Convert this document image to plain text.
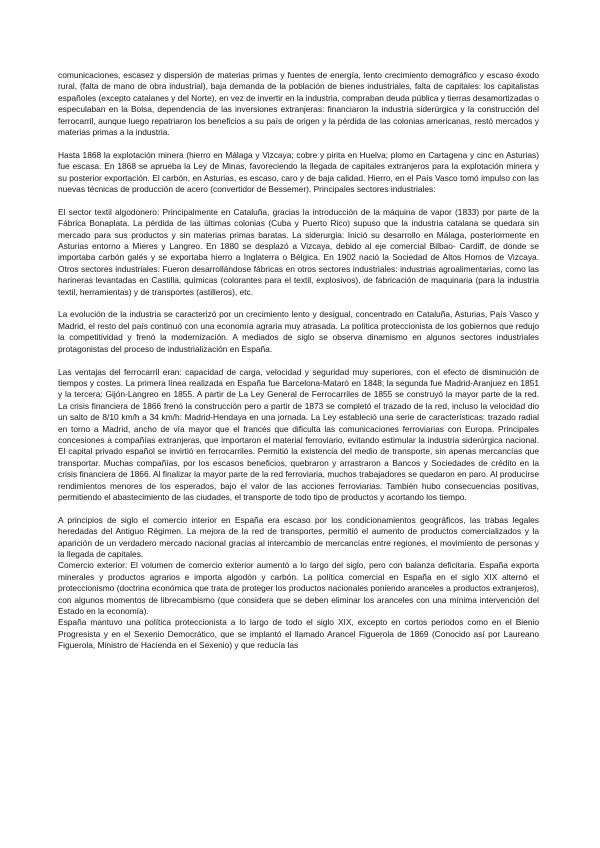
comunicaciones, escasez y dispersión de materias primas y fuentes de energía, lento crecimiento demográfico y escaso éxodo rural, (falta de mano de obra industrial), baja demanda de la población de bienes industriales, falta de capitales: los capitalistas españoles (excepto catalanes y del Norte), en vez de invertir en la industria, compraban deuda pública y tierras desamortizadas o especulaban en la Bolsa, dependencia de las inversiones extranjeras: financiaron la industria siderúrgica y la construcción del ferrocarril, aunque luego repatriaron los beneficios a su país de origen y la pérdida de las colonias americanas, restó mercados y materias primas a la industria.

Hasta 1868 la explotación minera (hierro en Málaga y Vizcaya; cobre y pirita en Huelva; plomo en Cartagena y cinc en Asturias) fue escasa. En 1868 se aprueba la Ley de Minas, favoreciendo la llegada de capitales extranjeros para la explotación minera y su posterior exportación. El carbón, en Asturias, es escaso, caro y de baja calidad. Hierro, en el País Vasco tomó impulso con las nuevas técnicas de producción de acero (convertidor de Bessemer). Principales sectores industriales:

El sector textil algodonero: Principalmente en Cataluña, gracias la introducción de la máquina de vapor (1833) por parte de la Fábrica Bonaplata. La pérdida de las últimas colonias (Cuba y Puerto Rico) supuso que la industria catalana se quedara sin mercado para sus productos y sin materias primas baratas. La siderurgia: Inició su desarrollo en Málaga, posteriormente en Asturias entorno a Mieres y Langreo. En 1880 se desplazó a Vizcaya, debido al eje comercial Bilbao- Cardiff, de donde se importaba carbón galés y se exportaba hierro a Inglaterra o Bélgica. En 1902 nació la Sociedad de Altos Hornos de Vizcaya. Otros sectores industriales: Fueron desarrollándose fábricas en otros sectores industriales: industrias agroalimentarias, como las harineras levantadas en Castilla, químicas (colorantes para el textil, explosivos), de fabricación de maquinaria (para la industria textil, herramientas) y de transportes (astilleros), etc.

La evolución de la industria se caracterizó por un crecimiento lento y desigual, concentrado en Cataluña, Asturias, País Vasco y Madrid, el resto del país continuó con una economía agraria muy atrasada. La política proteccionista de los gobiernos que redujo la competitividad y frenó la modernización. A mediados de siglo se observa dinamismo en algunos sectores industriales protagonistas del proceso de industrialización en España.

Las ventajas del ferrocarril eran: capacidad de carga, velocidad y seguridad muy superiores, con el efecto de disminución de tiempos y costes. La primera línea realizada en España fue Barcelona-Mataró en 1848; la segunda fue Madrid-Aranjuez en 1851 y la tercera: Gijón-Langreo en 1855. A partir de La Ley General de Ferrocarriles de 1855 se construyó la mayor parte de la red. La crisis financiera de 1866 frenó la construcción pero a partir de 1873 se completó el trazado de la red, incluso la velocidad dio un salto de 8/10 km/h a 34 km/h: Madrid-Hendaya en una jornada. La Ley estableció una serie de características: trazado radial en torno a Madrid, ancho de vía mayor que el francés que dificulta las comunicaciones ferroviarias con Europa. Principales concesiones a compañías extranjeras, que importaron el material ferroviario, evitando estimular la industria siderúrgica nacional. El capital privado español se invirtió en ferrocarriles. Permitió la existencia del medio de transporte, sin apenas mercancías que transportar. Muchas compañías, por los escasos beneficios, quebraron y arrastraron a Bancos y Sociedades de crédito en la crisis financiera de 1866. Al finalizar la mayor parte de la red ferroviaria, muchos trabajadores se quedaron en paro. Al producirse rendimientos menores de los esperados, bajo el valor de las acciones ferroviarias. También hubo consecuencias positivas, permitiendo el abastecimiento de las ciudades, el transporte de todo tipo de productos y acortando los tiempo.

A principios de siglo el comercio interior en España era escaso por los condicionamientos geográficos, las trabas legales heredadas del Antiguo Régimen. La mejora de la red de transportes, permitió el aumento de productos comercializados y la aparición de un verdadero mercado nacional gracias al intercambio de mercancías entre regiones, el movimiento de personas y la llegada de capitales.

Comercio exterior: El volumen de comercio exterior aumentó a lo largo del siglo, pero con balanza deficitaria. España exporta minerales y productos agrarios e importa algodón y carbón. La política comercial en España en el siglo XIX alternó el proteccionismo (doctrina económica que trata de proteger los productos nacionales poniendo aranceles a productos extranjeros), con algunos momentos de librecambismo (que considera que se deben eliminar los aranceles con una mínima intervención del Estado en la economía).

España mantuvo una política proteccionista a lo largo de todo el siglo XIX, excepto en cortos periodos como en el Bienio Progresista y en el Sexenio Democrático, que se implantó el llamado Arancel Figuerola de 1869 (Conocido así por Laureano Figuerola, Ministro de Hacienda en el Sexenio) y que reducía las
